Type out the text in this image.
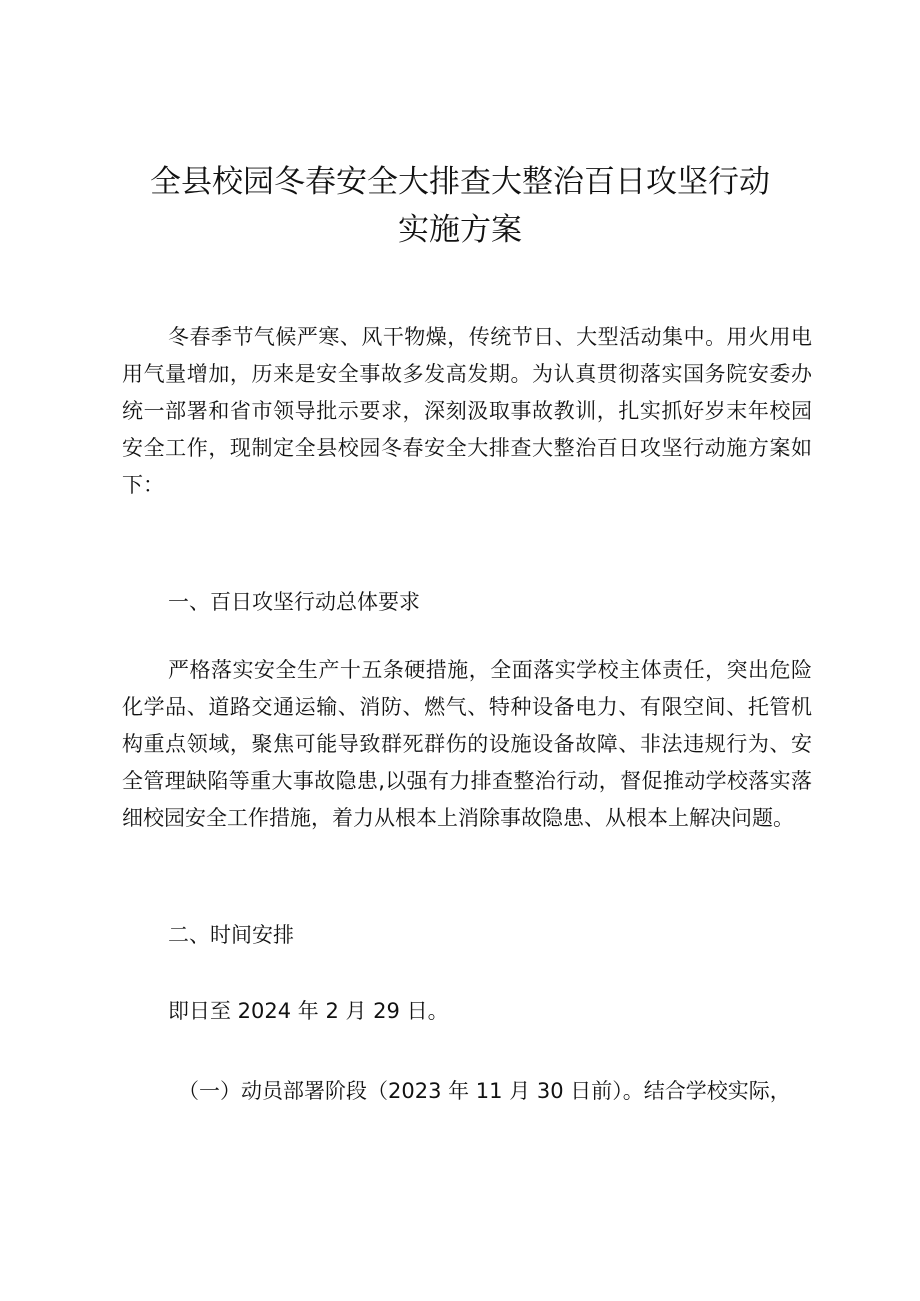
全县校园冬春安全大排查大整治百日攻坚行动
实施方案

冬春季节气候严寒、风干物燥，传统节日、大型活动集中。用火用电
用气量增加，历来是安全事故多发高发期。为认真贯彻落实国务院安委办
统一部署和省市领导批示要求，深刻汲取事故教训，扎实抓好岁末年校园
安全工作，现制定全县校园冬春安全大排查大整治百日攻坚行动施方案如
下：

一、百日攻坚行动总体要求

严格落实安全生产十五条硬措施，全面落实学校主体责任，突出危险
化学品、道路交通运输、消防、燃气、特种设备电力、有限空间、托管机
构重点领域，聚焦可能导致群死群伤的设施设备故障、非法违规行为、安
全管理缺陷等重大事故隐患,以强有力排查整治行动，督促推动学校落实落
细校园安全工作措施，着力从根本上消除事故隐患、从根本上解决问题。

二、时间安排

即日至 2024 年 2 月 29 日。

（一）动员部署阶段（2023 年 11 月 30 日前）。结合学校实际，
